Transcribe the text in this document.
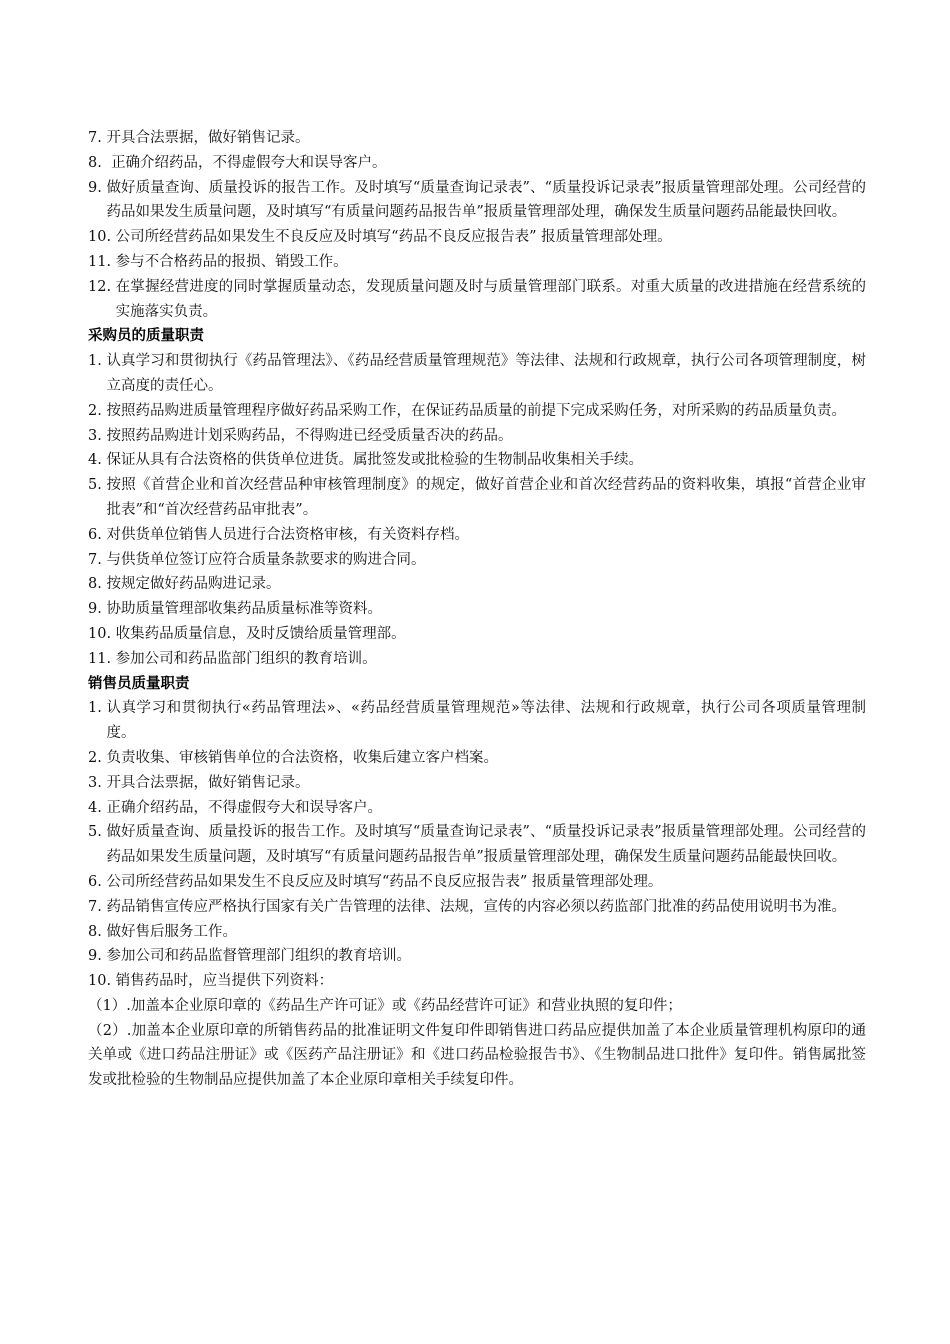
7. 开具合法票据，做好销售记录。
8. 正确介绍药品，不得虚假夸大和误导客户。
9. 做好质量查询、质量投诉的报告工作。及时填写“质量查询记录表”、“质量投诉记录表”报质量管理部处理。公司经营的药品如果发生质量问题，及时填写“有质量问题药品报告单”报质量管理部处理，确保发生质量问题药品能最快回收。
10. 公司所经营药品如果发生不良反应及时填写“药品不良反应报告表” 报质量管理部处理。
11. 参与不合格药品的报损、销毁工作。
12. 在掌握经营进度的同时掌握质量动态，发现质量问题及时与质量管理部门联系。对重大质量的改进措施在经营系统的实施落实负责。
采购员的质量职责
1. 认真学习和贯彻执行《药品管理法》、《药品经营质量管理规范》等法律、法规和行政规章，执行公司各项管理制度，树立高度的责任心。
2. 按照药品购进质量管理程序做好药品采购工作，在保证药品质量的前提下完成采购任务，对所采购的药品质量负责。
3. 按照药品购进计划采购药品，不得购进已经受质量否决的药品。
4. 保证从具有合法资格的供货单位进货。属批签发或批检验的生物制品收集相关手续。
5. 按照《首营企业和首次经营品种审核管理制度》的规定，做好首营企业和首次经营药品的资料收集，填报“首营企业审批表”和“首次经营药品审批表”。
6. 对供货单位销售人员进行合法资格审核，有关资料存档。
7. 与供货单位签订应符合质量条款要求的购进合同。
8. 按规定做好药品购进记录。
9. 协助质量管理部收集药品质量标准等资料。
10. 收集药品质量信息，及时反馈给质量管理部。
11. 参加公司和药品监部门组织的教育培训。
销售员质量职责
1. 认真学习和贯彻执行«药品管理法»、«药品经营质量管理规范»等法律、法规和行政规章，执行公司各项质量管理制度。
2. 负责收集、审核销售单位的合法资格，收集后建立客户档案。
3. 开具合法票据，做好销售记录。
4. 正确介绍药品，不得虚假夸大和误导客户。
5. 做好质量查询、质量投诉的报告工作。及时填写“质量查询记录表”、“质量投诉记录表”报质量管理部处理。公司经营的药品如果发生质量问题，及时填写“有质量问题药品报告单”报质量管理部处理，确保发生质量问题药品能最快回收。
6. 公司所经营药品如果发生不良反应及时填写“药品不良反应报告表” 报质量管理部处理。
7. 药品销售宣传应严格执行国家有关广告管理的法律、法规，宣传的内容必须以药监部门批准的药品使用说明书为准。
8. 做好售后服务工作。
9. 参加公司和药品监督管理部门组织的教育培训。
10. 销售药品时，应当提供下列资料：
（1）.加盖本企业原印章的《药品生产许可证》或《药品经营许可证》和营业执照的复印件；
（2）.加盖本企业原印章的所销售药品的批准证明文件复印件即销售进口药品应提供加盖了本企业质量管理机构原印的通关单或《进口药品注册证》或《医药产品注册证》和《进口药品检验报告书》、《生物制品进口批件》复印件。销售属批签发或批检验的生物制品应提供加盖了本企业原印章相关手续复印件。
